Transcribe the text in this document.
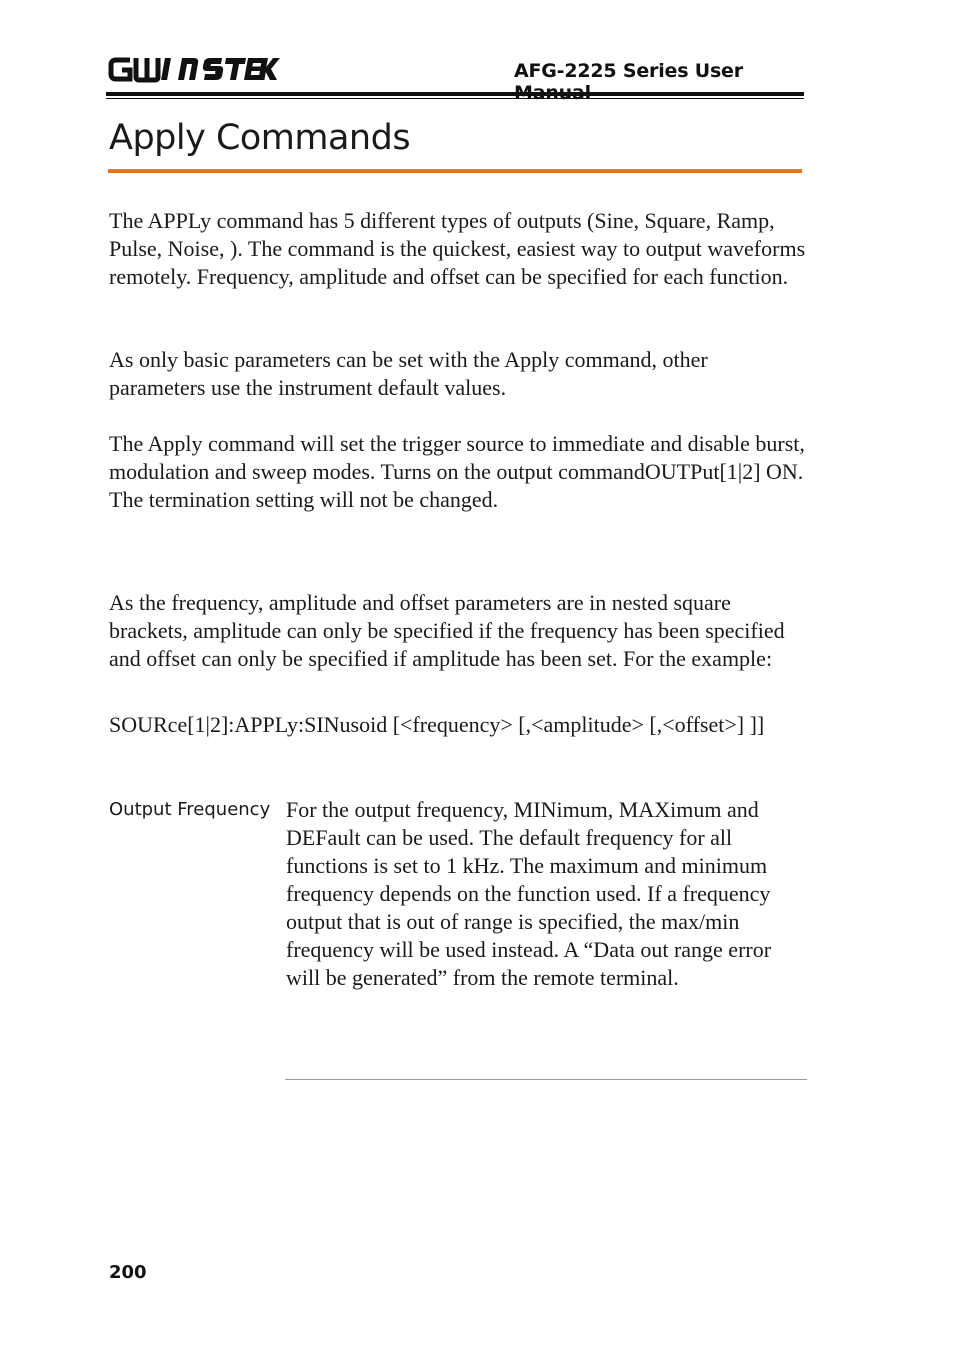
AFG-2225 Series User
Apply Commands

The APPLy command has 5 different types of outputs (Sine, Square, Ramp, Pulse, Noise, ). The command is the quickest, easiest way to output waveforms remotely. Frequency, amplitude and offset can be specified for each function.

As only basic parameters can be set with the Apply command, other parameters use the instrument default values.

The Apply command will set the trigger source to immediate and disable burst, modulation and sweep modes. Turns on the output commandOUTPut[1|2] ON. The termination setting will not be changed.

As the frequency, amplitude and offset parameters are in nested square brackets, amplitude can only be specified if the frequency has been specified and offset can only be specified if amplitude has been set. For the example:

SOURce[1|2]:APPLy:SINusoid [<frequency> [,<amplitude> [,<offset>] ]]

Output Frequency For the output frequency, MINimum, MAXimum and DEFault can be used. The default frequency for all functions is set to 1 kHz. The maximum and minimum frequency depends on the function used. If a frequency output that is out of range is specified, the max/min frequency will be used instead. A “Data out range error will be generated” from the remote terminal.

200
